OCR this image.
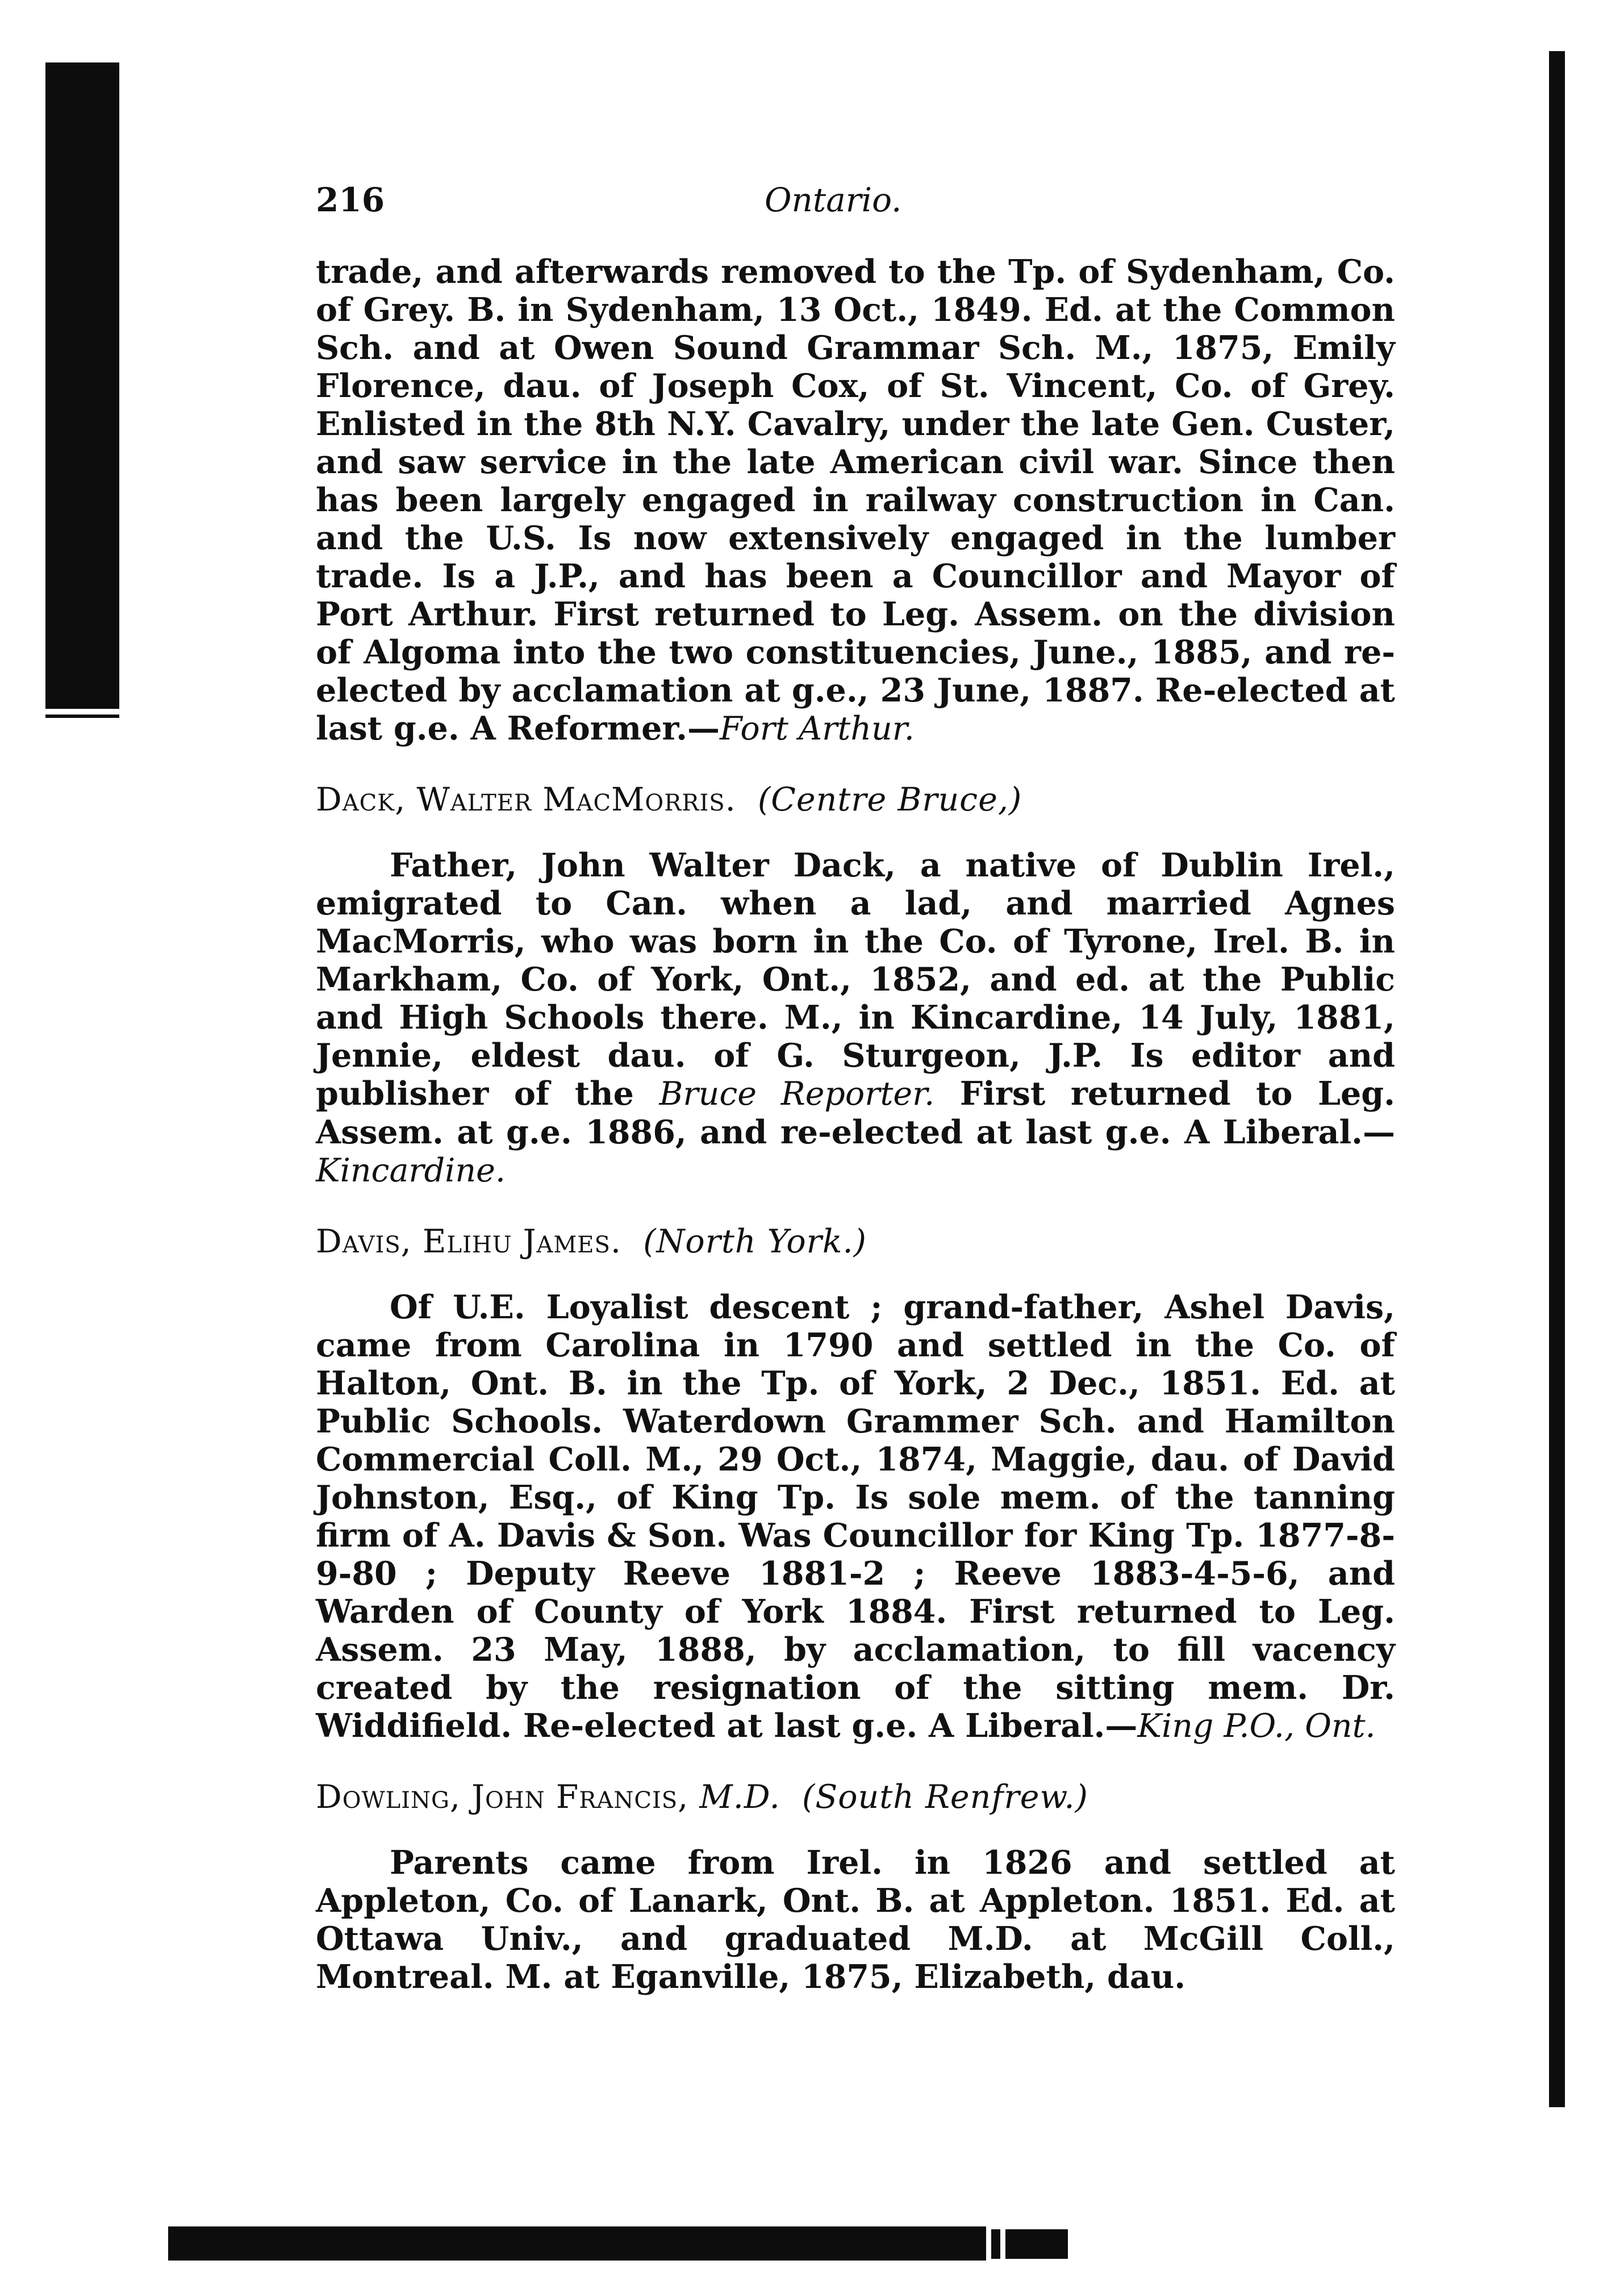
216	Ontario.

trade, and afterwards removed to the Tp. of Sydenham, Co. of Grey. B. in Sydenham, 13 Oct., 1849. Ed. at the Common Sch. and at Owen Sound Grammar Sch. M., 1875, Emily Florence, dau. of Joseph Cox, of St. Vincent, Co. of Grey. Enlisted in the 8th N.Y. Cavalry, under the late Gen. Custer, and saw service in the late American civil war. Since then has been largely engaged in railway construction in Can. and the U.S. Is now extensively engaged in the lumber trade. Is a J.P., and has been a Councillor and Mayor of Port Arthur. First returned to Leg. Assem. on the division of Algoma into the two constituencies, June., 1885, and re-elected by acclamation at g.e., 23 June, 1887. Re-elected at last g.e. A Reformer.—Fort Arthur.

Dack, Walter MacMorris. (Centre Bruce,)

Father, John Walter Dack, a native of Dublin Irel., emigrated to Can. when a lad, and married Agnes MacMorris, who was born in the Co. of Tyrone, Irel. B. in Markham, Co. of York, Ont., 1852, and ed. at the Public and High Schools there. M., in Kincardine, 14 July, 1881, Jennie, eldest dau. of G. Sturgeon, J.P. Is editor and publisher of the Bruce Reporter. First returned to Leg. Assem. at g.e. 1886, and re-elected at last g.e. A Liberal.—Kincardine.

Davis, Elihu James. (North York.)

Of U.E. Loyalist descent ; grand-father, Ashel Davis, came from Carolina in 1790 and settled in the Co. of Halton, Ont. B. in the Tp. of York, 2 Dec., 1851. Ed. at Public Schools. Waterdown Grammer Sch. and Hamilton Commercial Coll. M., 29 Oct., 1874, Maggie, dau. of David Johnston, Esq., of King Tp. Is sole mem. of the tanning firm of A. Davis & Son. Was Councillor for King Tp. 1877-8-9-80 ; Deputy Reeve 1881-2 ; Reeve 1883-4-5-6, and Warden of County of York 1884. First returned to Leg. Assem. 23 May, 1888, by acclamation, to fill vacency created by the resignation of the sitting mem. Dr. Widdifield. Re-elected at last g.e. A Liberal.—King P.O., Ont.

Dowling, John Francis, M.D. (South Renfrew.)

Parents came from Irel. in 1826 and settled at Appleton, Co. of Lanark, Ont. B. at Appleton. 1851. Ed. at Ottawa Univ., and graduated M.D. at McGill Coll., Montreal. M. at Eganville, 1875, Elizabeth, dau.
